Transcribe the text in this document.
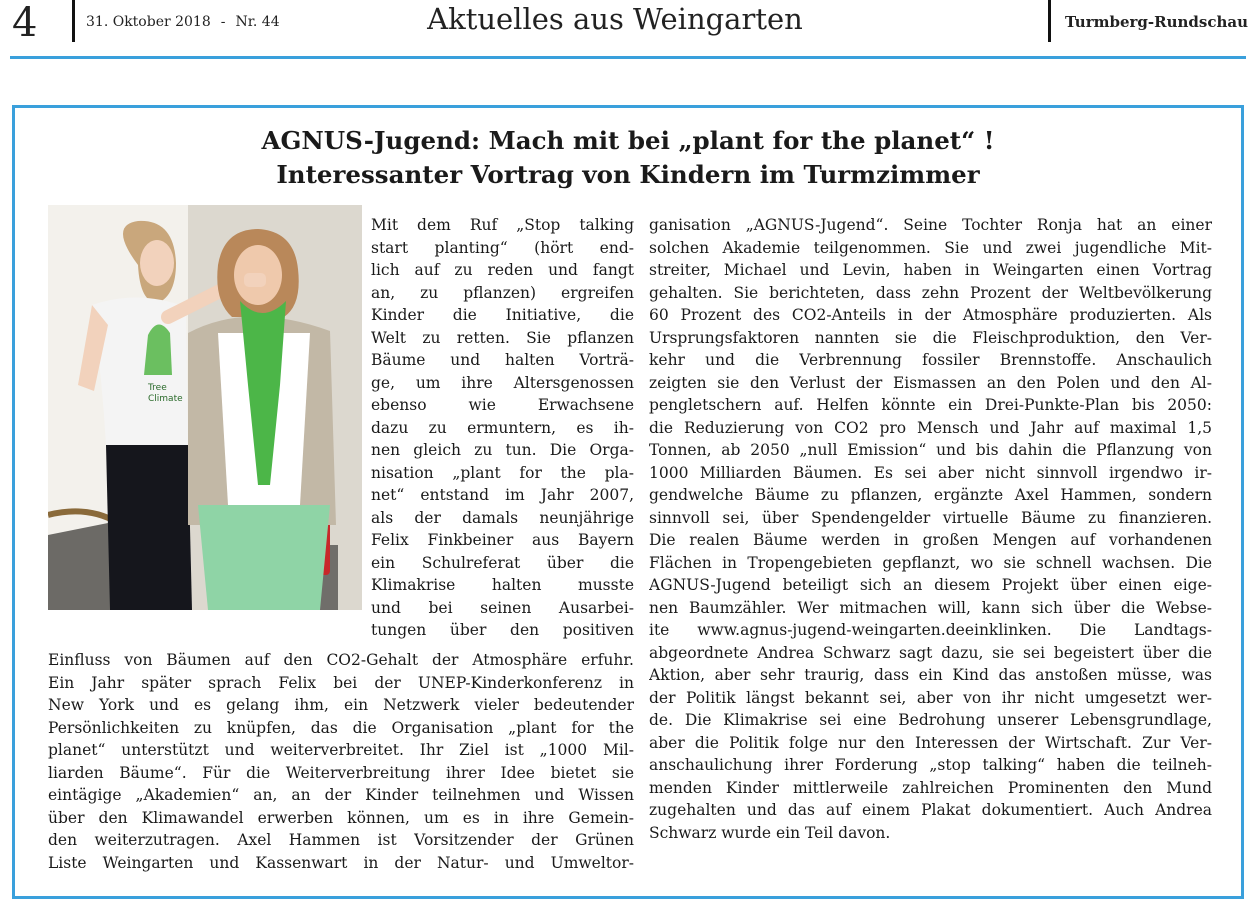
4	31. Oktober 2018 - Nr. 44	Aktuelles aus Weingarten	Turmberg-Rundschau
AGNUS-Jugend: Mach mit bei „plant for the planet“ !
Interessanter Vortrag von Kindern im Turmzimmer
Tree
Climate
Mit dem Ruf „Stop talking
start planting“ (hört end-
lich auf zu reden und fangt
an, zu pflanzen) ergreifen
Kinder die Initiative, die
Welt zu retten. Sie pflanzen
Bäume und halten Vorträ-
ge, um ihre Altersgenossen
ebenso wie Erwachsene
dazu zu ermuntern, es ih-
nen gleich zu tun. Die Orga-
nisation „plant for the pla-
net“ entstand im Jahr 2007,
als der damals neunjährige
Felix Finkbeiner aus Bayern
ein Schulreferat über die
Klimakrise halten musste
und bei seinen Ausarbei-
tungen über den positiven
Einfluss von Bäumen auf den CO2-Gehalt der Atmosphäre erfuhr.
Ein Jahr später sprach Felix bei der UNEP-Kinderkonferenz in
New York und es gelang ihm, ein Netzwerk vieler bedeutender
Persönlichkeiten zu knüpfen, das die Organisation „plant for the
planet“ unterstützt und weiterverbreitet. Ihr Ziel ist „1000 Mil-
liarden Bäume“. Für die Weiterverbreitung ihrer Idee bietet sie
eintägige „Akademien“ an, an der Kinder teilnehmen und Wissen
über den Klimawandel erwerben können, um es in ihre Gemein-
den weiterzutragen. Axel Hammen ist Vorsitzender der Grünen
Liste Weingarten und Kassenwart in der Natur- und Umweltor-
ganisation „AGNUS-Jugend“. Seine Tochter Ronja hat an einer
solchen Akademie teilgenommen. Sie und zwei jugendliche Mit-
streiter, Michael und Levin, haben in Weingarten einen Vortrag
gehalten. Sie berichteten, dass zehn Prozent der Weltbevölkerung
60 Prozent des CO2-Anteils in der Atmosphäre produzierten. Als
Ursprungsfaktoren nannten sie die Fleischproduktion, den Ver-
kehr und die Verbrennung fossiler Brennstoffe. Anschaulich
zeigten sie den Verlust der Eismassen an den Polen und den Al-
pengletschern auf. Helfen könnte ein Drei-Punkte-Plan bis 2050:
die Reduzierung von CO2 pro Mensch und Jahr auf maximal 1,5
Tonnen, ab 2050 „null Emission“ und bis dahin die Pflanzung von
1000 Milliarden Bäumen. Es sei aber nicht sinnvoll irgendwo ir-
gendwelche Bäume zu pflanzen, ergänzte Axel Hammen, sondern
sinnvoll sei, über Spendengelder virtuelle Bäume zu finanzieren.
Die realen Bäume werden in großen Mengen auf vorhandenen
Flächen in Tropengebieten gepflanzt, wo sie schnell wachsen. Die
AGNUS-Jugend beteiligt sich an diesem Projekt über einen eige-
nen Baumzähler. Wer mitmachen will, kann sich über die Webse-
ite www.agnus-jugend-weingarten.deeinklinken. Die Landtags-
abgeordnete Andrea Schwarz sagt dazu, sie sei begeistert über die
Aktion, aber sehr traurig, dass ein Kind das anstoßen müsse, was
der Politik längst bekannt sei, aber von ihr nicht umgesetzt wer-
de. Die Klimakrise sei eine Bedrohung unserer Lebensgrundlage,
aber die Politik folge nur den Interessen der Wirtschaft. Zur Ver-
anschaulichung ihrer Forderung „stop talking“ haben die teilneh-
menden Kinder mittlerweile zahlreichen Prominenten den Mund
zugehalten und das auf einem Plakat dokumentiert. Auch Andrea
Schwarz wurde ein Teil davon.
